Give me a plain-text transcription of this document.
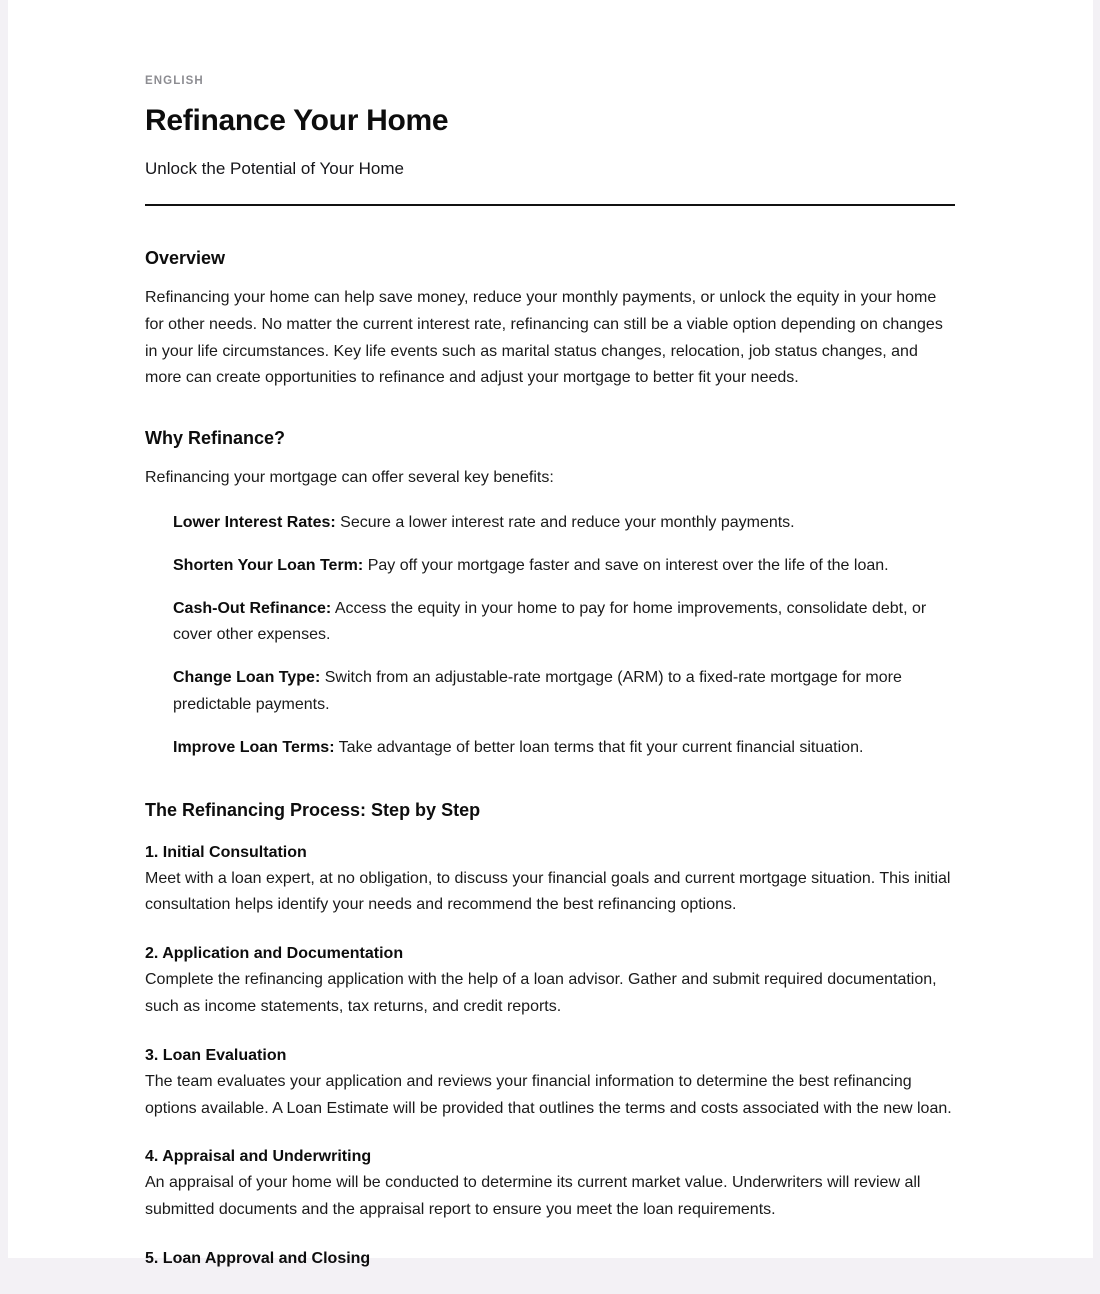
ENGLISH
Refinance Your Home
Unlock the Potential of Your Home
Overview

Refinancing your home can help save money, reduce your monthly payments, or unlock the equity in your home for other needs. No matter the current interest rate, refinancing can still be a viable option depending on changes in your life circumstances. Key life events such as marital status changes, relocation, job status changes, and more can create opportunities to refinance and adjust your mortgage to better fit your needs.

Why Refinance?

Refinancing your mortgage can offer several key benefits:

Lower Interest Rates: Secure a lower interest rate and reduce your monthly payments.

Shorten Your Loan Term: Pay off your mortgage faster and save on interest over the life of the loan.

Cash-Out Refinance: Access the equity in your home to pay for home improvements, consolidate debt, or cover other expenses.

Change Loan Type: Switch from an adjustable-rate mortgage (ARM) to a fixed-rate mortgage for more predictable payments.

Improve Loan Terms: Take advantage of better loan terms that fit your current financial situation.

The Refinancing Process: Step by Step
1. Initial Consultation

Meet with a loan expert, at no obligation, to discuss your financial goals and current mortgage situation. This initial consultation helps identify your needs and recommend the best refinancing options.

2. Application and Documentation

Complete the refinancing application with the help of a loan advisor. Gather and submit required documentation, such as income statements, tax returns, and credit reports.

3. Loan Evaluation

The team evaluates your application and reviews your financial information to determine the best refinancing options available. A Loan Estimate will be provided that outlines the terms and costs associated with the new loan.

4. Appraisal and Underwriting

An appraisal of your home will be conducted to determine its current market value. Underwriters will review all submitted documents and the appraisal report to ensure you meet the loan requirements.

5. Loan Approval and Closing
